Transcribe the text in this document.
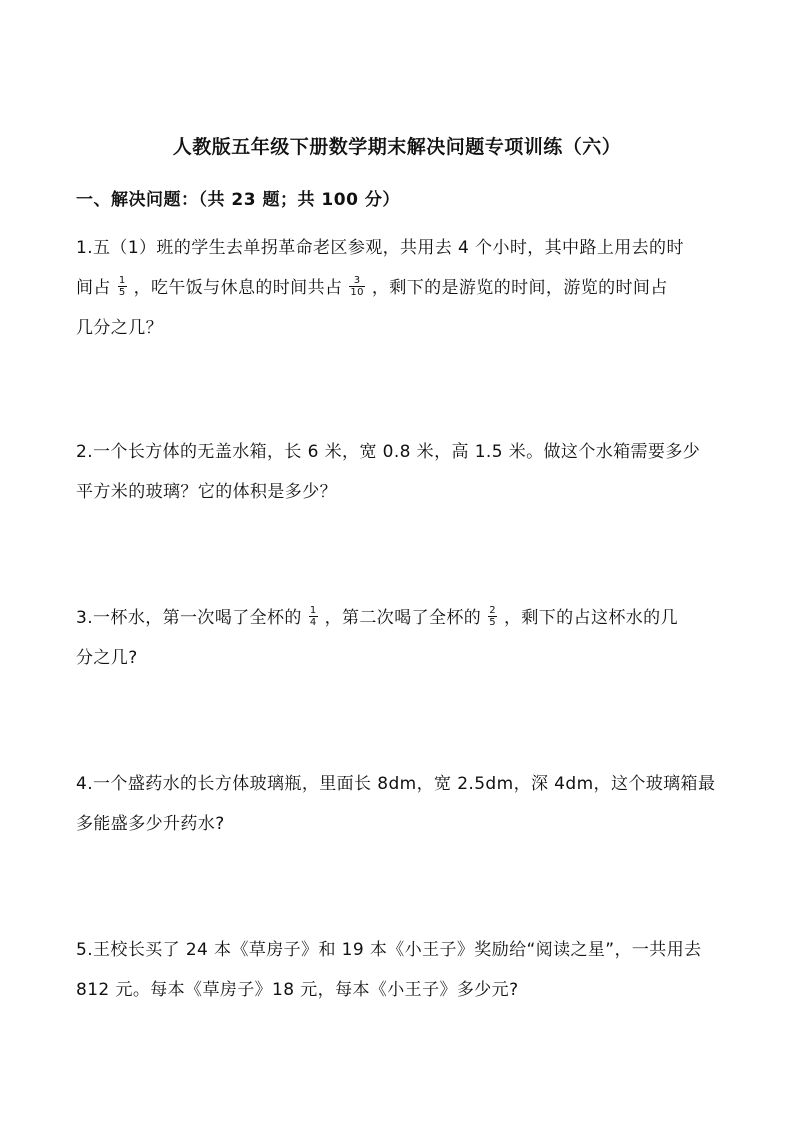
人教版五年级下册数学期末解决问题专项训练（六）
一、解决问题：（共 23 题；共 100 分）
1.五（1）班的学生去单拐革命老区参观，共用去 4 个小时，其中路上用去的时
间占 $\frac{1}{5}$ ，吃午饭与休息的时间共占 $\frac{3}{10}$ ，剩下的是游览的时间，游览的时间占
几分之几？
2.一个长方体的无盖水箱，长 6 米，宽 0.8 米，高 1.5 米。做这个水箱需要多少
平方米的玻璃？它的体积是多少？
3.一杯水，第一次喝了全杯的 $\frac{1}{4}$ ，第二次喝了全杯的 $\frac{2}{5}$ ，剩下的占这杯水的几
分之几?
4.一个盛药水的长方体玻璃瓶，里面长 8dm，宽 2.5dm，深 4dm，这个玻璃箱最
多能盛多少升药水?
5.王校长买了 24 本《草房子》和 19 本《小王子》奖励给“阅读之星”，一共用去
812 元。每本《草房子》18 元，每本《小王子》多少元?
